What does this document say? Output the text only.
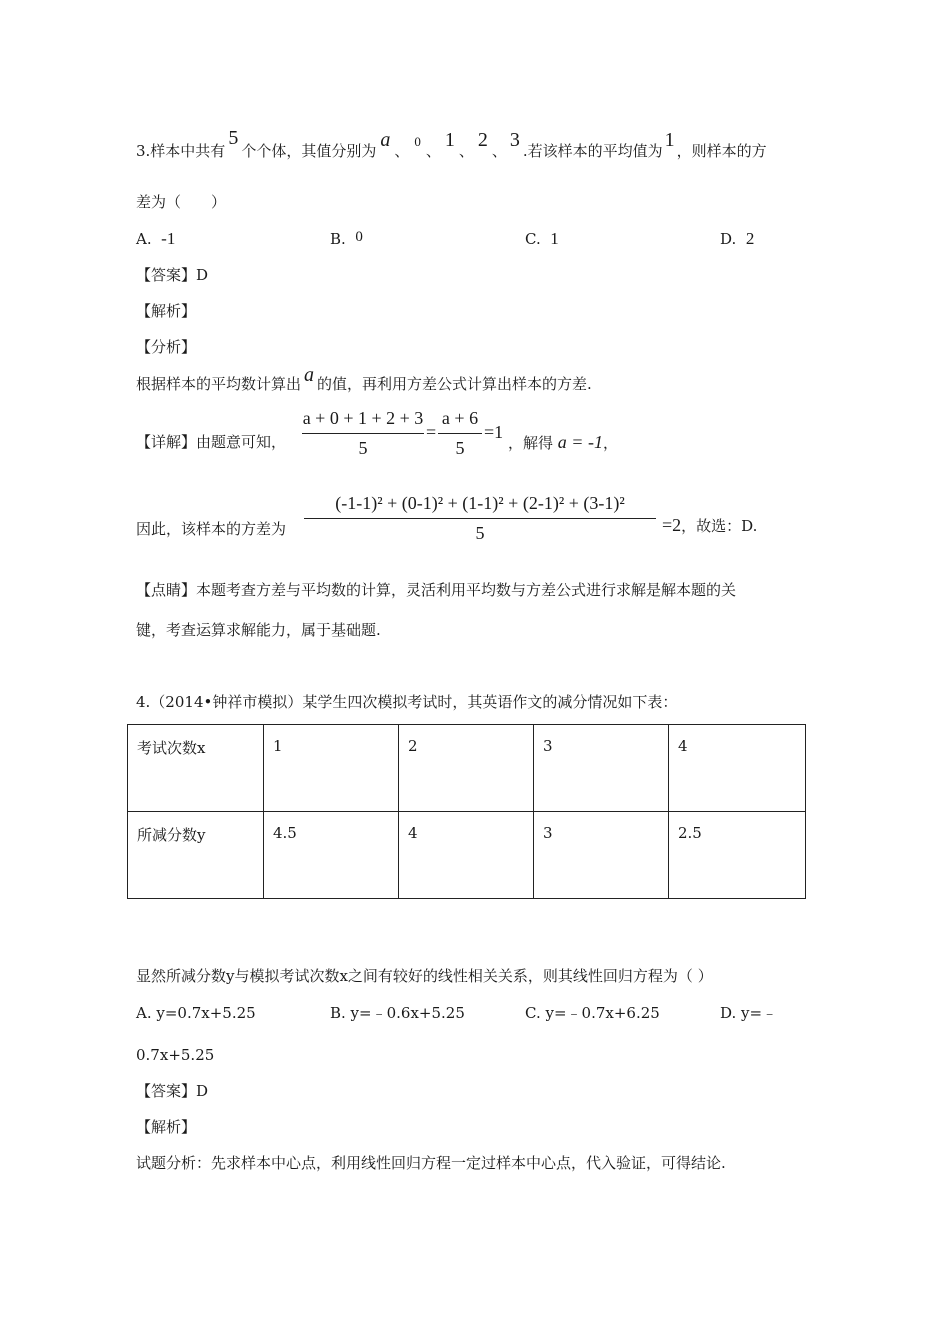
3.样本中共有5个个体，其值分别为 a 、0、 1 、 2 、 3 .若该样本的平均值为 1 ，则样本的方
差为（　　）
A. -1	B. 0	C. 1	D. 2
【答案】D
【解析】
【分析】
根据样本的平均数计算出 a 的值，再利用方差公式计算出样本的方差.
【详解】由题意可知，
a + 0 + 1 + 2 + 3
5
=
a + 6
5
=1
，解得 a = -1，
因此，该样本的方差为
(-1-1)² + (0-1)² + (1-1)² + (2-1)² + (3-1)²
5	=2，故选：D.
【点睛】本题考查方差与平均数的计算，灵活利用平均数与方差公式进行求解是解本题的关
键，考查运算求解能力，属于基础题.
4.（2014•钟祥市模拟）某学生四次模拟考试时，其英语作文的减分情况如下表：
考试次数x	1	2	3	4
所减分数y	4.5	4	3	2.5
显然所减分数y与模拟考试次数x之间有较好的线性相关关系，则其线性回归方程为（ ）
A. y=0.7x+5.25	B. y=﹣0.6x+5.25	C. y=﹣0.7x+6.25	D. y=﹣
0.7x+5.25
【答案】D
【解析】
试题分析：先求样本中心点，利用线性回归方程一定过样本中心点，代入验证，可得结论.
